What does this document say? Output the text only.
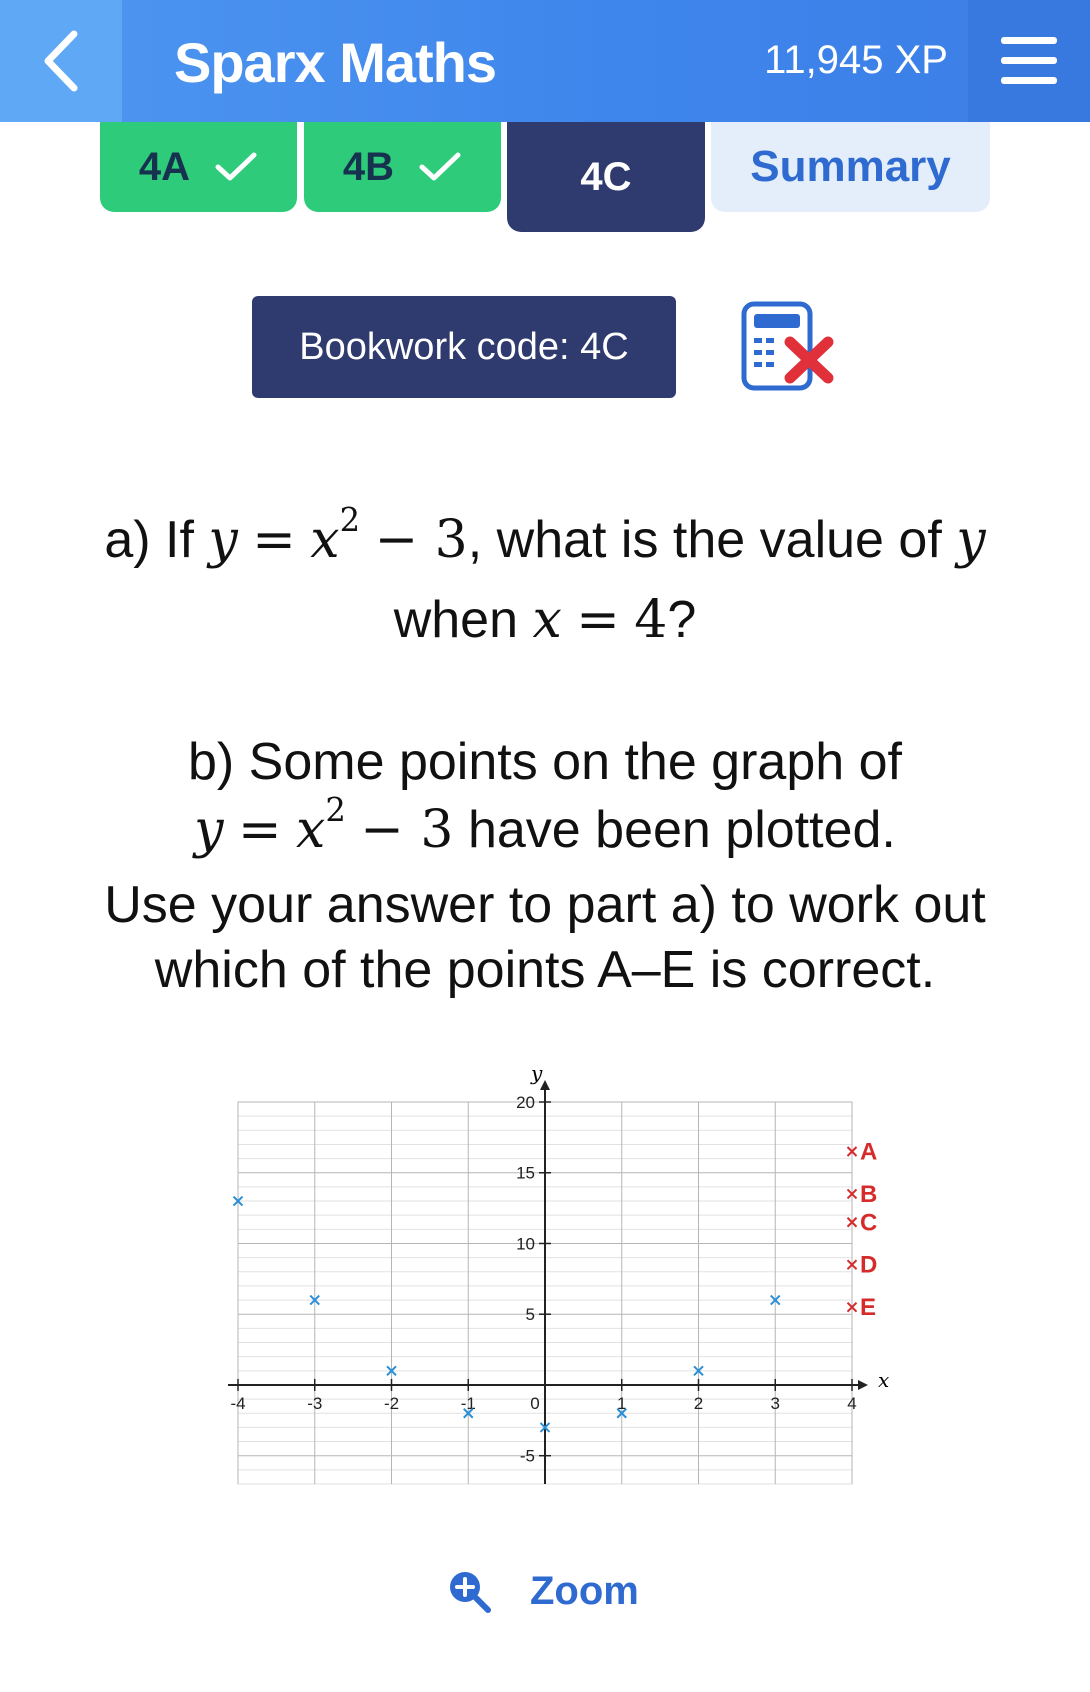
Sparx Maths	11,945 XP
4A	4B	4C	Summary
Bookwork code: 4C
a) If $y = x^2 - 3$, what is the value of y
when x = 4?
b) Some points on the graph of
$y = x^2 - 3$ have been plotted.
Use your answer to part a) to work out
which of the points A–E is correct.
x
y
-4	-3	-2	-1	0	1	2	3	4
-5
5
10
15
20
A
B
C
D
E
Zoom
